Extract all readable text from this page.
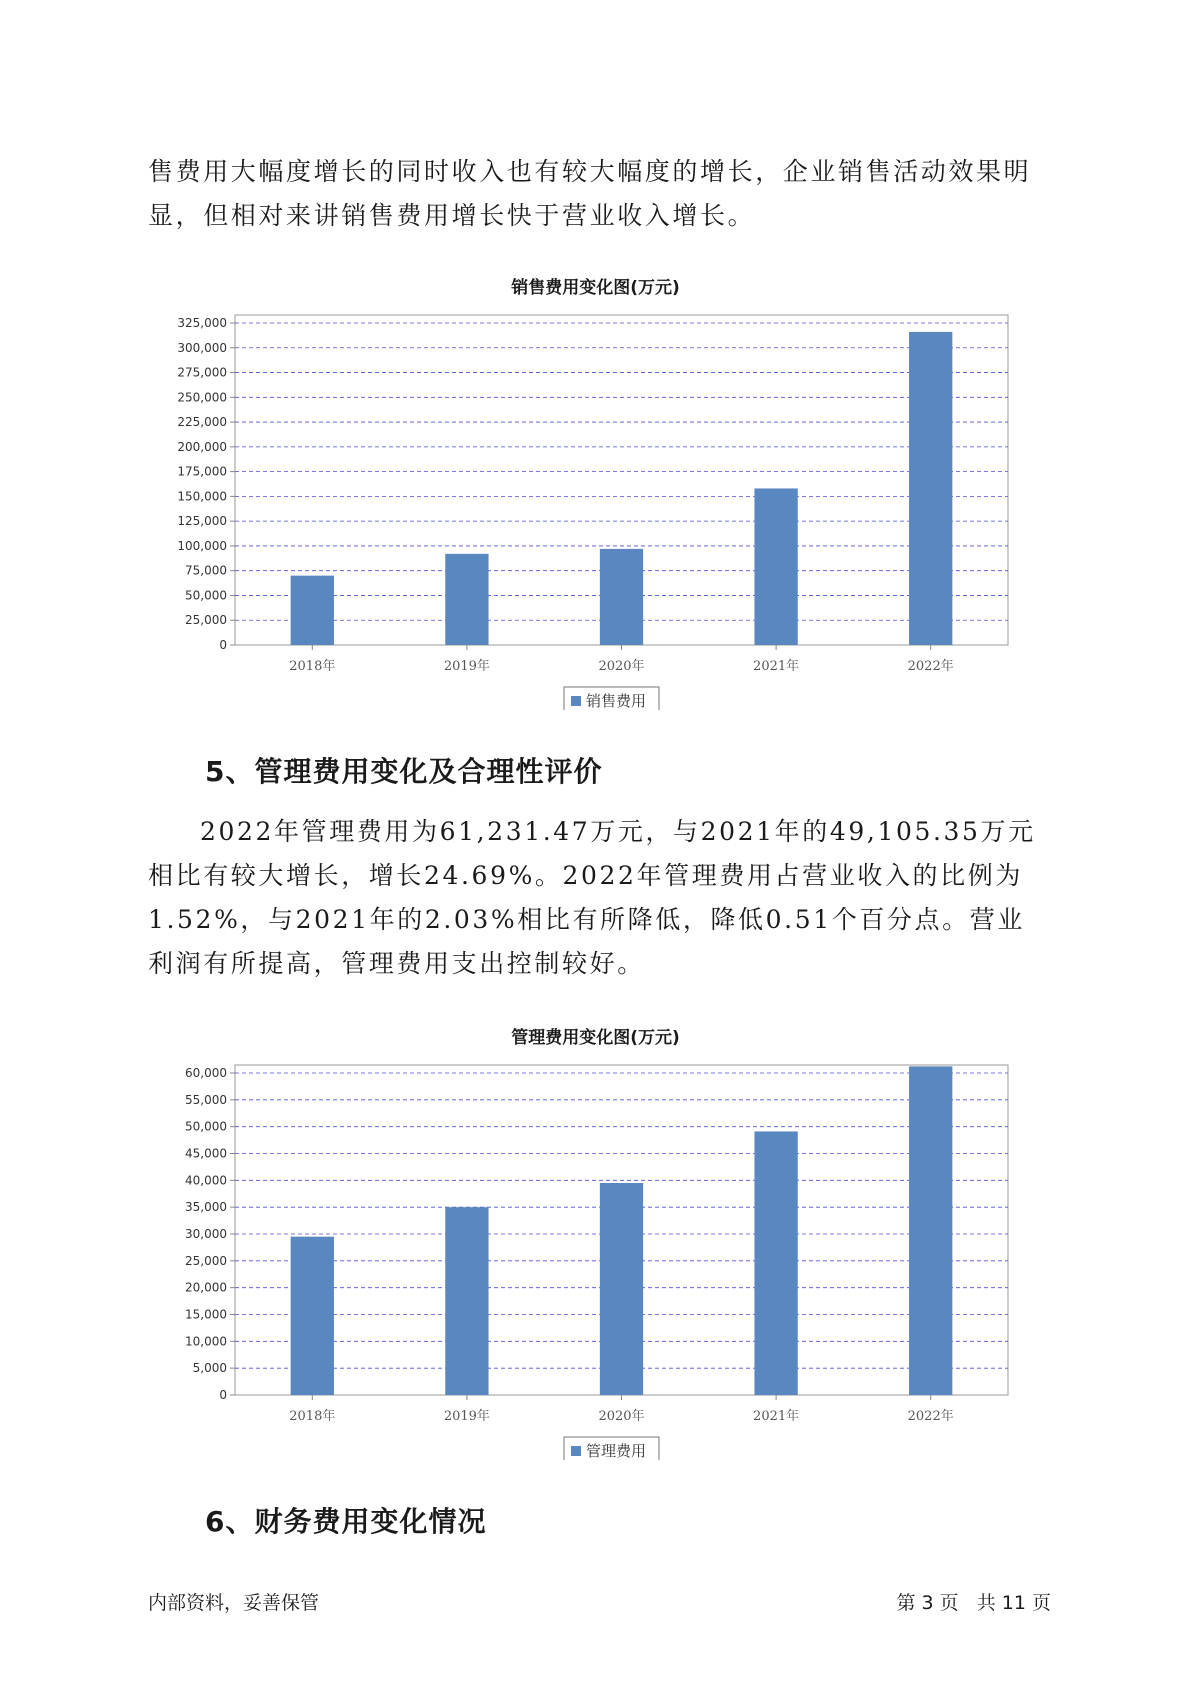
售费用大幅度增长的同时收入也有较大幅度的增长，企业销售活动效果明显，但相对来讲销售费用增长快于营业收入增长。

销售费用变化图(万元)
0
25,000
50,000
75,000
100,000
125,000
150,000
175,000
200,000
225,000
250,000
275,000
300,000
325,000
2018年	2019年	2020年	2021年	2022年
销售费用
5、管理费用变化及合理性评价

2022年管理费用为61,231.47万元，与2021年的49,105.35万元相比有较大增长，增长24.69%。2022年管理费用占营业收入的比例为1.52%，与2021年的2.03%相比有所降低，降低0.51个百分点。营业利润有所提高，管理费用支出控制较好。

管理费用变化图(万元)
0
5,000
10,000
15,000
20,000
25,000
30,000
35,000
40,000
45,000
50,000
55,000
60,000
2018年	2019年	2020年	2021年	2022年
管理费用
6、财务费用变化情况
内部资料，妥善保管	第 3 页   共 11 页
